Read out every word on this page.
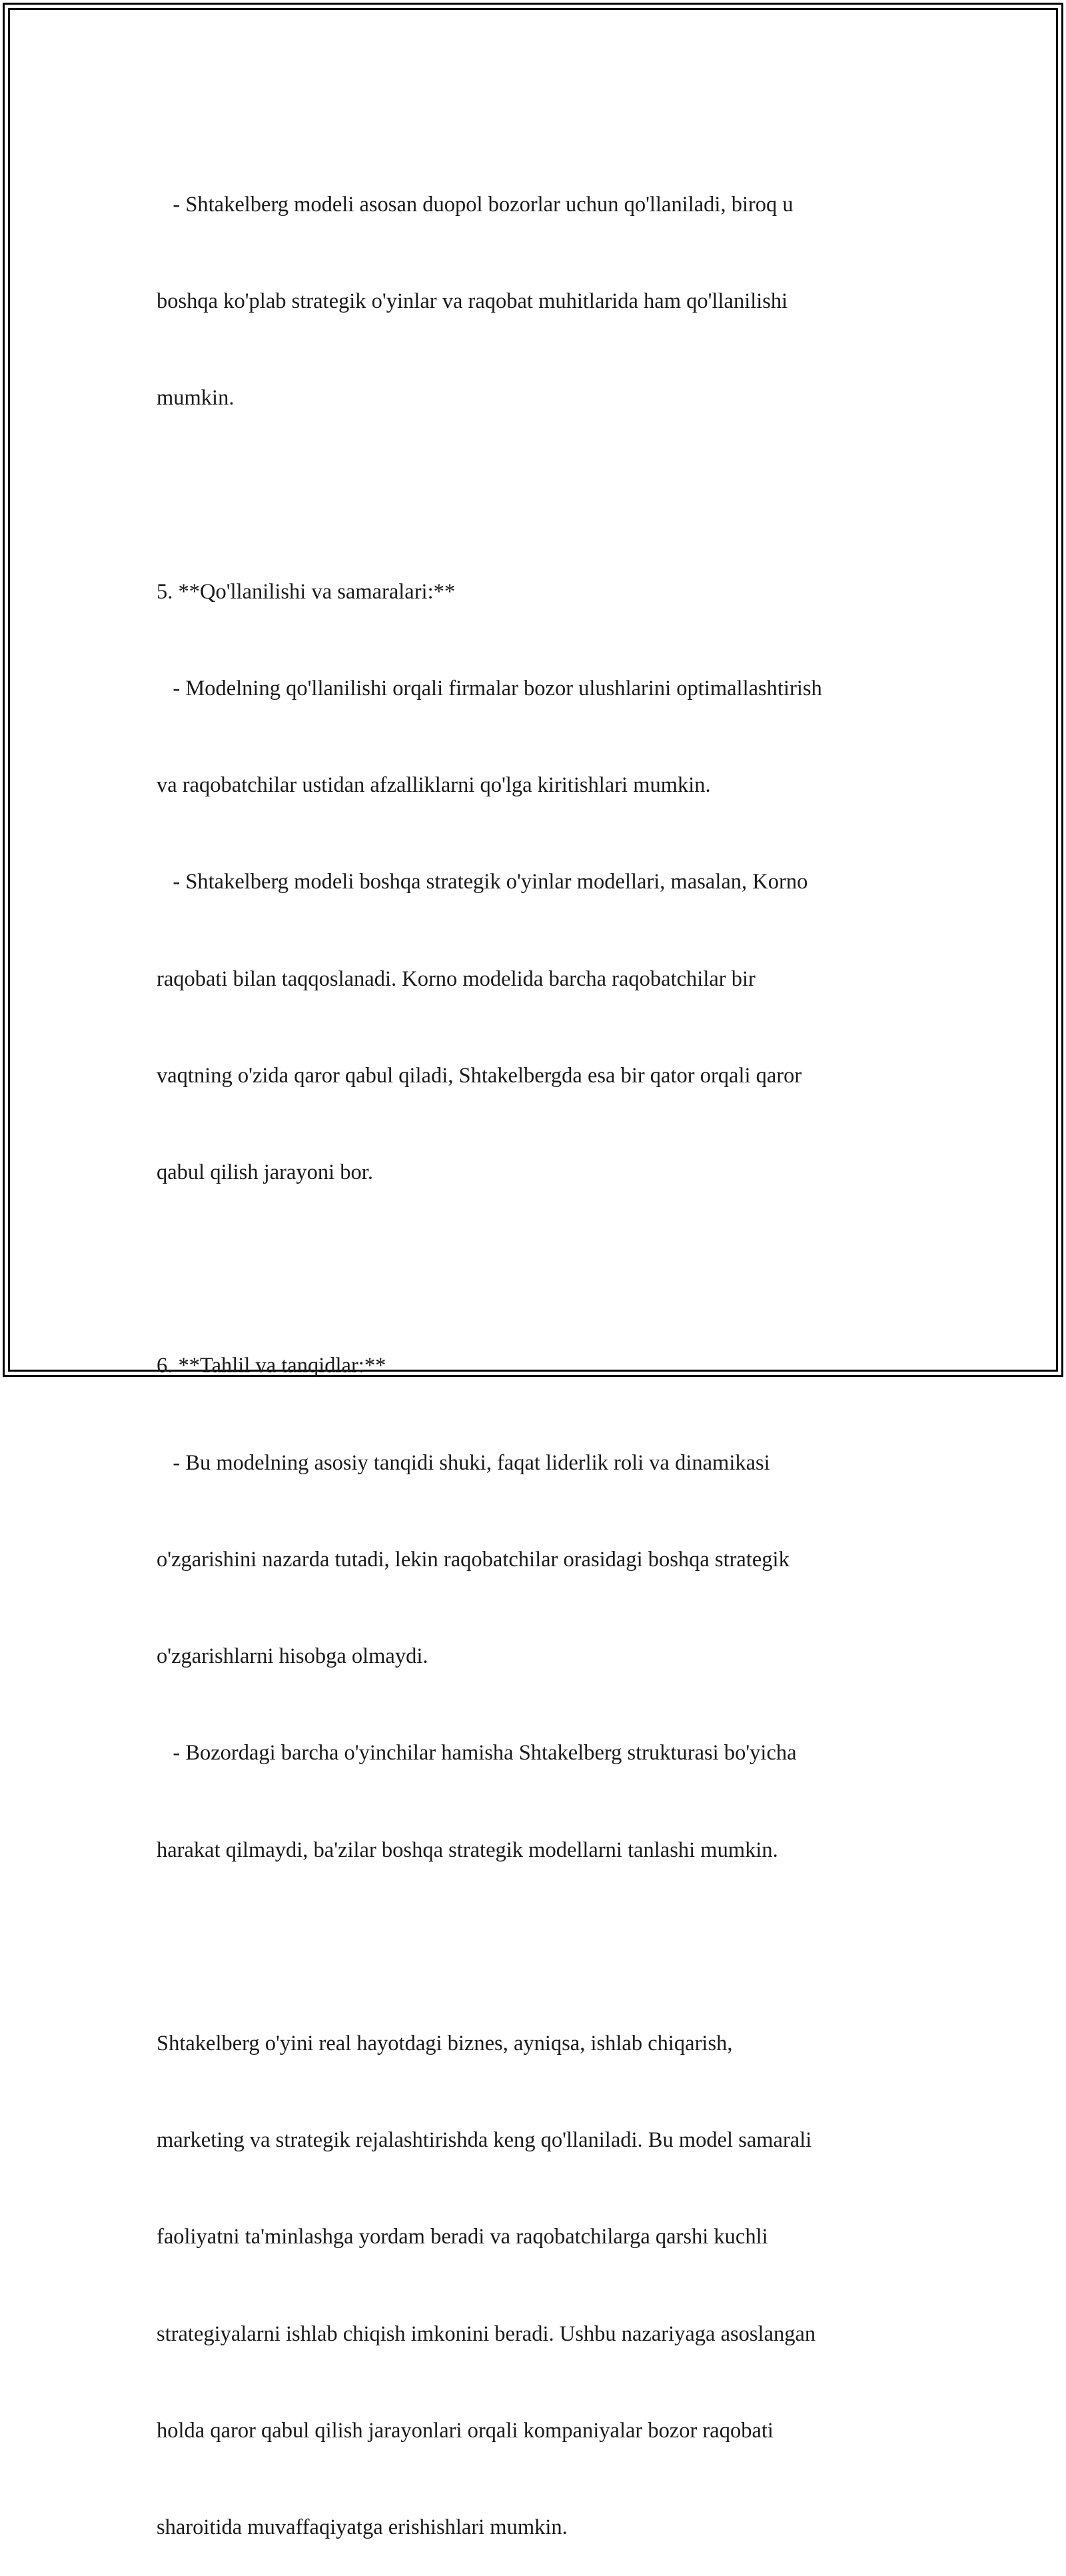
- Shtakelberg modeli asosan duopol bozorlar uchun qo'llaniladi, biroq u

boshqa ko'plab strategik o'yinlar va raqobat muhitlarida ham qo'llanilishi

mumkin.

5. **Qo'llanilishi va samaralari:**

- Modelning qo'llanilishi orqali firmalar bozor ulushlarini optimallashtirish

va raqobatchilar ustidan afzalliklarni qo'lga kiritishlari mumkin.

- Shtakelberg modeli boshqa strategik o'yinlar modellari, masalan, Korno

raqobati bilan taqqoslanadi. Korno modelida barcha raqobatchilar bir

vaqtning o'zida qaror qabul qiladi, Shtakelbergda esa bir qator orqali qaror

qabul qilish jarayoni bor.

6. **Tahlil va tanqidlar:**

- Bu modelning asosiy tanqidi shuki, faqat liderlik roli va dinamikasi

o'zgarishini nazarda tutadi, lekin raqobatchilar orasidagi boshqa strategik

o'zgarishlarni hisobga olmaydi.

- Bozordagi barcha o'yinchilar hamisha Shtakelberg strukturasi bo'yicha

harakat qilmaydi, ba'zilar boshqa strategik modellarni tanlashi mumkin.

Shtakelberg o'yini real hayotdagi biznes, ayniqsa, ishlab chiqarish,

marketing va strategik rejalashtirishda keng qo'llaniladi. Bu model samarali

faoliyatni ta'minlashga yordam beradi va raqobatchilarga qarshi kuchli

strategiyalarni ishlab chiqish imkonini beradi. Ushbu nazariyaga asoslangan

holda qaror qabul qilish jarayonlari orqali kompaniyalar bozor raqobati

sharoitida muvaffaqiyatga erishishlari mumkin.
